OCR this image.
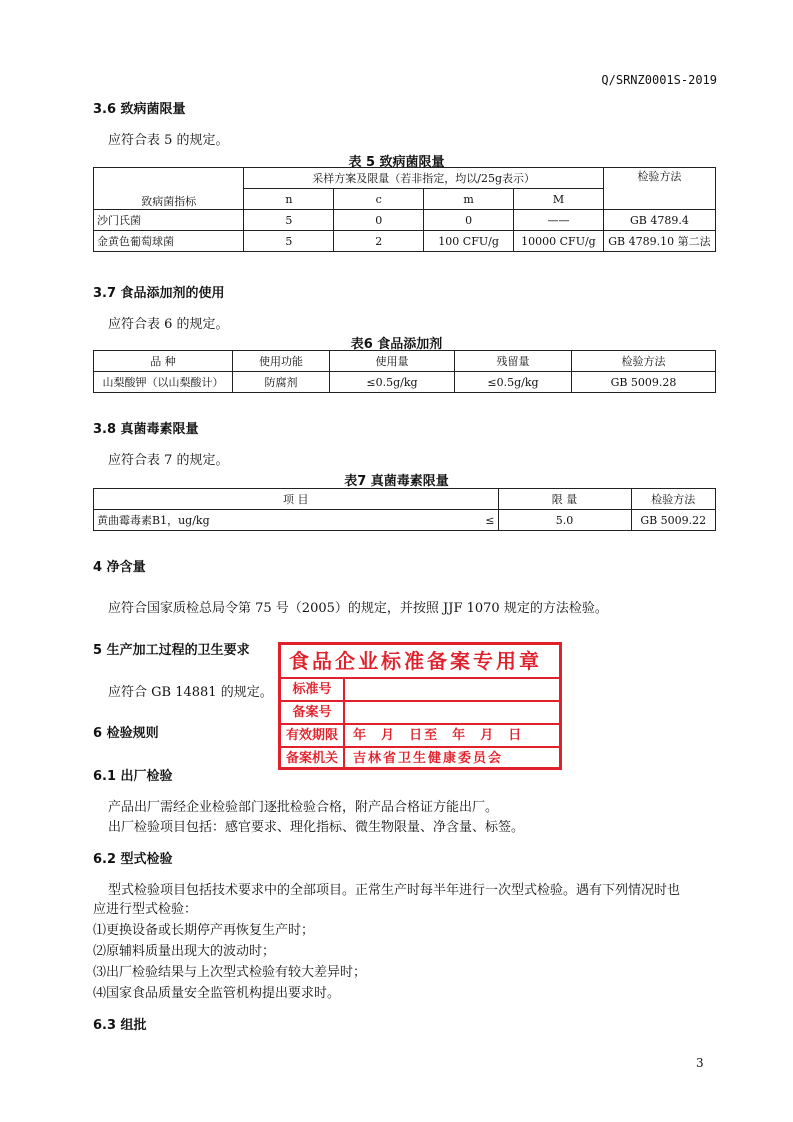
Q/SRNZ0001S-2019
3.6 致病菌限量
应符合表 5 的规定。
表 5 致病菌限量
致病菌指标	采样方案及限量（若非指定，均以/25g表示）				检验方法
	n	c	m	M	
沙门氏菌	5	0	0	——	GB 4789.4
金黄色葡萄球菌	5	2	100 CFU/g	10000 CFU/g	GB 4789.10 第二法
3.7 食品添加剂的使用
应符合表 6 的规定。
表6 食品添加剂
品 种	使用功能	使用量	残留量	检验方法
山梨酸钾（以山梨酸计）	防腐剂	≤0.5g/kg	≤0.5g/kg	GB 5009.28
3.8 真菌毒素限量
应符合表 7 的规定。
表7 真菌毒素限量
项 目		限 量	检验方法
黄曲霉毒素B1，ug/kg	≤	5.0	GB 5009.22
4 净含量
应符合国家质检总局令第 75 号（2005）的规定，并按照 JJF 1070 规定的方法检验。
5 生产加工过程的卫生要求
应符合 GB 14881 的规定。
食品企业标准备案专用章
标准号
备案号
有效期限	年  月  日至  年  月  日
备案机关	吉林省卫生健康委员会
6 检验规则
6.1 出厂检验
产品出厂需经企业检验部门逐批检验合格，附产品合格证方能出厂。
出厂检验项目包括：感官要求、理化指标、微生物限量、净含量、标签。
6.2 型式检验
型式检验项目包括技术要求中的全部项目。正常生产时每半年进行一次型式检验。遇有下列情况时也
应进行型式检验：
⑴更换设备或长期停产再恢复生产时；
⑵原辅料质量出现大的波动时；
⑶出厂检验结果与上次型式检验有较大差异时；
⑷国家食品质量安全监管机构提出要求时。
6.3 组批
3
